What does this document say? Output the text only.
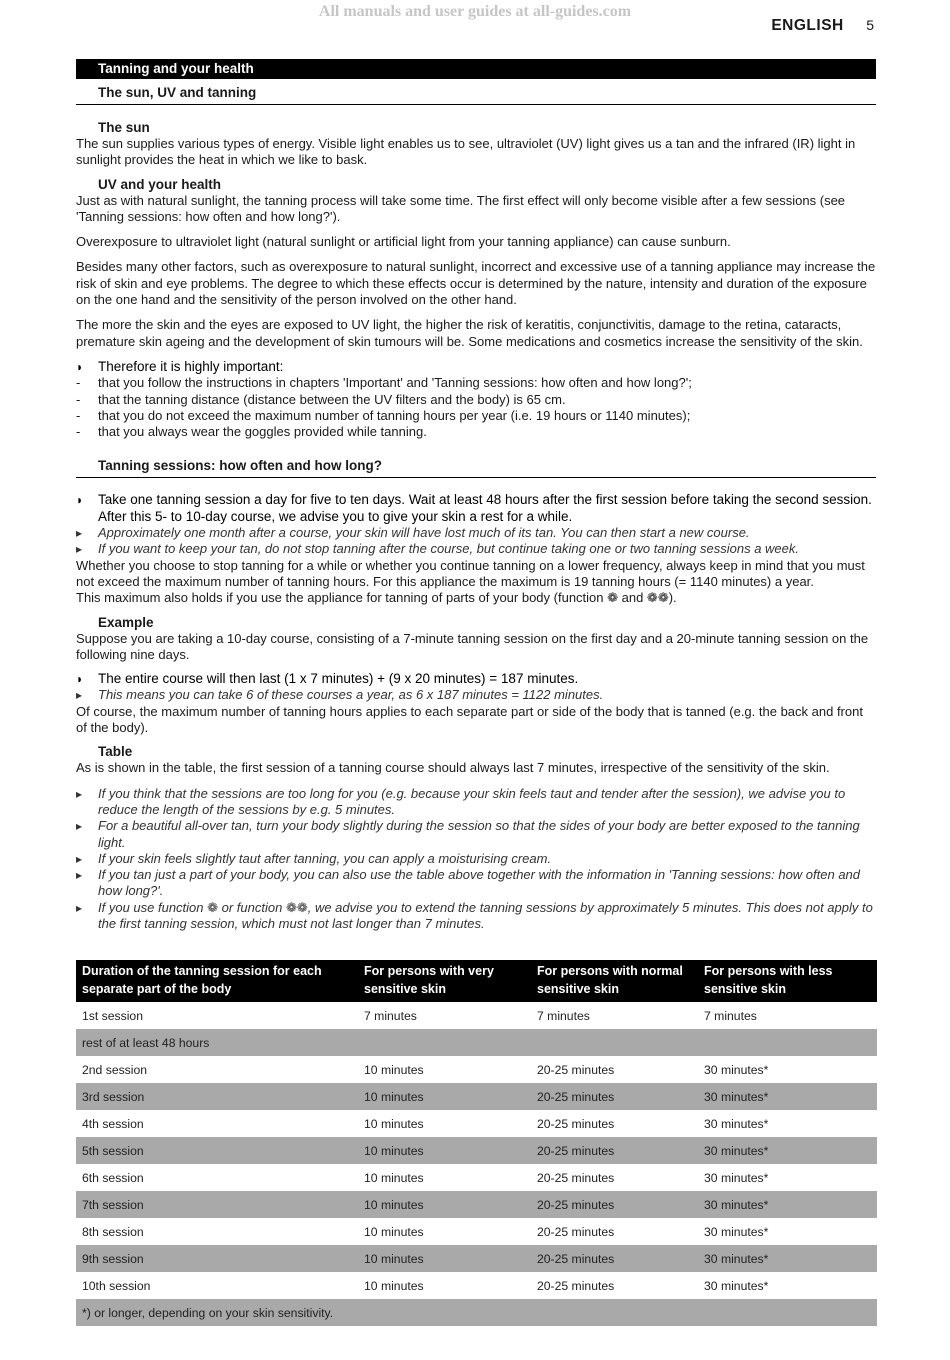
All manuals and user guides at all-guides.com
ENGLISH 5
Tanning and your health
The sun, UV and tanning

The sun

The sun supplies various types of energy. Visible light enables us to see, ultraviolet (UV) light gives us a tan and the infrared (IR) light in sunlight provides the heat in which we like to bask.

UV and your health

Just as with natural sunlight, the tanning process will take some time. The first effect will only become visible after a few sessions (see 'Tanning sessions: how often and how long?').

Overexposure to ultraviolet light (natural sunlight or artificial light from your tanning appliance) can cause sunburn.

Besides many other factors, such as overexposure to natural sunlight, incorrect and excessive use of a tanning appliance may increase the risk of skin and eye problems. The degree to which these effects occur is determined by the nature, intensity and duration of the exposure on the one hand and the sensitivity of the person involved on the other hand.

The more the skin and the eyes are exposed to UV light, the higher the risk of keratitis, conjunctivitis, damage to the retina, cataracts, premature skin ageing and the development of skin tumours will be. Some medications and cosmetics increase the sensitivity of the skin.

◗ Therefore it is highly important:
- that you follow the instructions in chapters 'Important' and 'Tanning sessions: how often and how long?';
- that the tanning distance (distance between the UV filters and the body) is 65 cm.
- that you do not exceed the maximum number of tanning hours per year (i.e. 19 hours or 1140 minutes);
- that you always wear the goggles provided while tanning.
Tanning sessions: how often and how long?
◗ Take one tanning session a day for five to ten days. Wait at least 48 hours after the first session before taking the second session. After this 5- to 10-day course, we advise you to give your skin a rest for a while.
▸ Approximately one month after a course, your skin will have lost much of its tan. You can then start a new course.
▸ If you want to keep your tan, do not stop tanning after the course, but continue taking one or two tanning sessions a week.

Whether you choose to stop tanning for a while or whether you continue tanning on a lower frequency, always keep in mind that you must not exceed the maximum number of tanning hours. For this appliance the maximum is 19 tanning hours (= 1140 minutes) a year.

This maximum also holds if you use the appliance for tanning of parts of your body (function ❁ and ❁❁).

Example

Suppose you are taking a 10-day course, consisting of a 7-minute tanning session on the first day and a 20-minute tanning session on the following nine days.

◗ The entire course will then last (1 x 7 minutes) + (9 x 20 minutes) = 187 minutes.
▸ This means you can take 6 of these courses a year, as 6 x 187 minutes = 1122 minutes.

Of course, the maximum number of tanning hours applies to each separate part or side of the body that is tanned (e.g. the back and front of the body).

Table

As is shown in the table, the first session of a tanning course should always last 7 minutes, irrespective of the sensitivity of the skin.

▸ If you think that the sessions are too long for you (e.g. because your skin feels taut and tender after the session), we advise you to reduce the length of the sessions by e.g. 5 minutes.
▸ For a beautiful all-over tan, turn your body slightly during the session so that the sides of your body are better exposed to the tanning light.
▸ If your skin feels slightly taut after tanning, you can apply a moisturising cream.
▸ If you tan just a part of your body, you can also use the table above together with the information in 'Tanning sessions: how often and how long?'.
▸ If you use function ❁ or function ❁❁, we advise you to extend the tanning sessions by approximately 5 minutes. This does not apply to the first tanning session, which must not last longer than 7 minutes.
Duration of the tanning session for each separate part of the body	For persons with very sensitive skin	For persons with normal sensitive skin	For persons with less sensitive skin
1st session	7 minutes	7 minutes	7 minutes
rest of at least 48 hours			
2nd session	10 minutes	20-25 minutes	30 minutes*
3rd session	10 minutes	20-25 minutes	30 minutes*
4th session	10 minutes	20-25 minutes	30 minutes*
5th session	10 minutes	20-25 minutes	30 minutes*
6th session	10 minutes	20-25 minutes	30 minutes*
7th session	10 minutes	20-25 minutes	30 minutes*
8th session	10 minutes	20-25 minutes	30 minutes*
9th session	10 minutes	20-25 minutes	30 minutes*
10th session	10 minutes	20-25 minutes	30 minutes*
*) or longer, depending on your skin sensitivity.			
